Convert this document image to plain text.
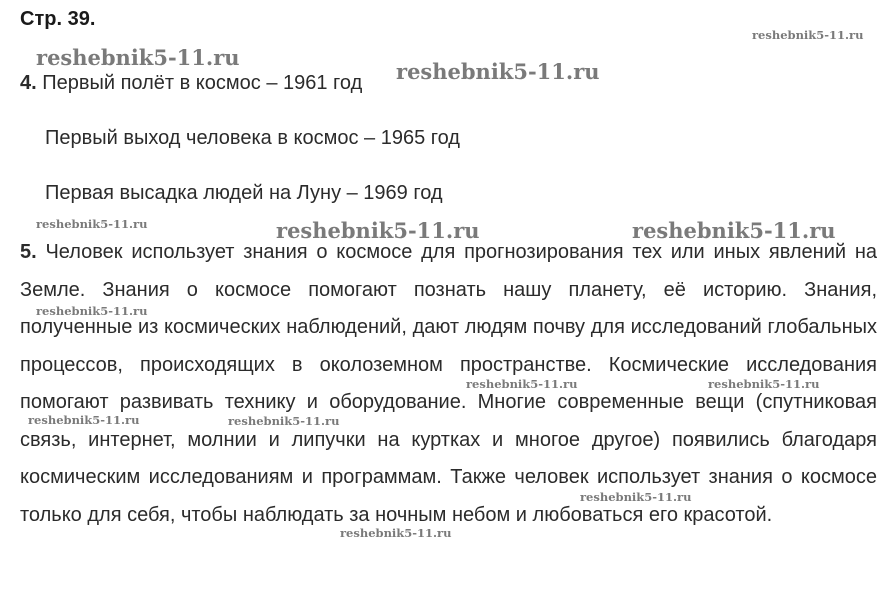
Стр. 39.
4. Первый полёт в космос – 1961 год
Первый выход человека в космос – 1965 год
Первая высадка людей на Луну – 1969 год

5. Человек использует знания о космосе для прогнозирования тех или иных явлений на Земле. Знания о космосе помогают познать нашу планету, её историю. Знания, полученные из космических наблюдений, дают людям почву для исследований глобальных процессов, происходящих в околоземном пространстве. Космические исследования помогают развивать технику и оборудование. Многие современные вещи (спутниковая связь, интернет, молнии и липучки на куртках и многое другое) появились благодаря космическим исследованиям и программам. Также человек использует знания о космосе только для себя, чтобы наблюдать за ночным небом и любоваться его красотой.

reshebnik5-11.ru
reshebnik5-11.ru
reshebnik5-11.ru
reshebnik5-11.ru	reshebnik5-11.ru	reshebnik5-11.ru
reshebnik5-11.ru
reshebnik5-11.ru	reshebnik5-11.ru
reshebnik5-11.ru	reshebnik5-11.ru
reshebnik5-11.ru
reshebnik5-11.ru
